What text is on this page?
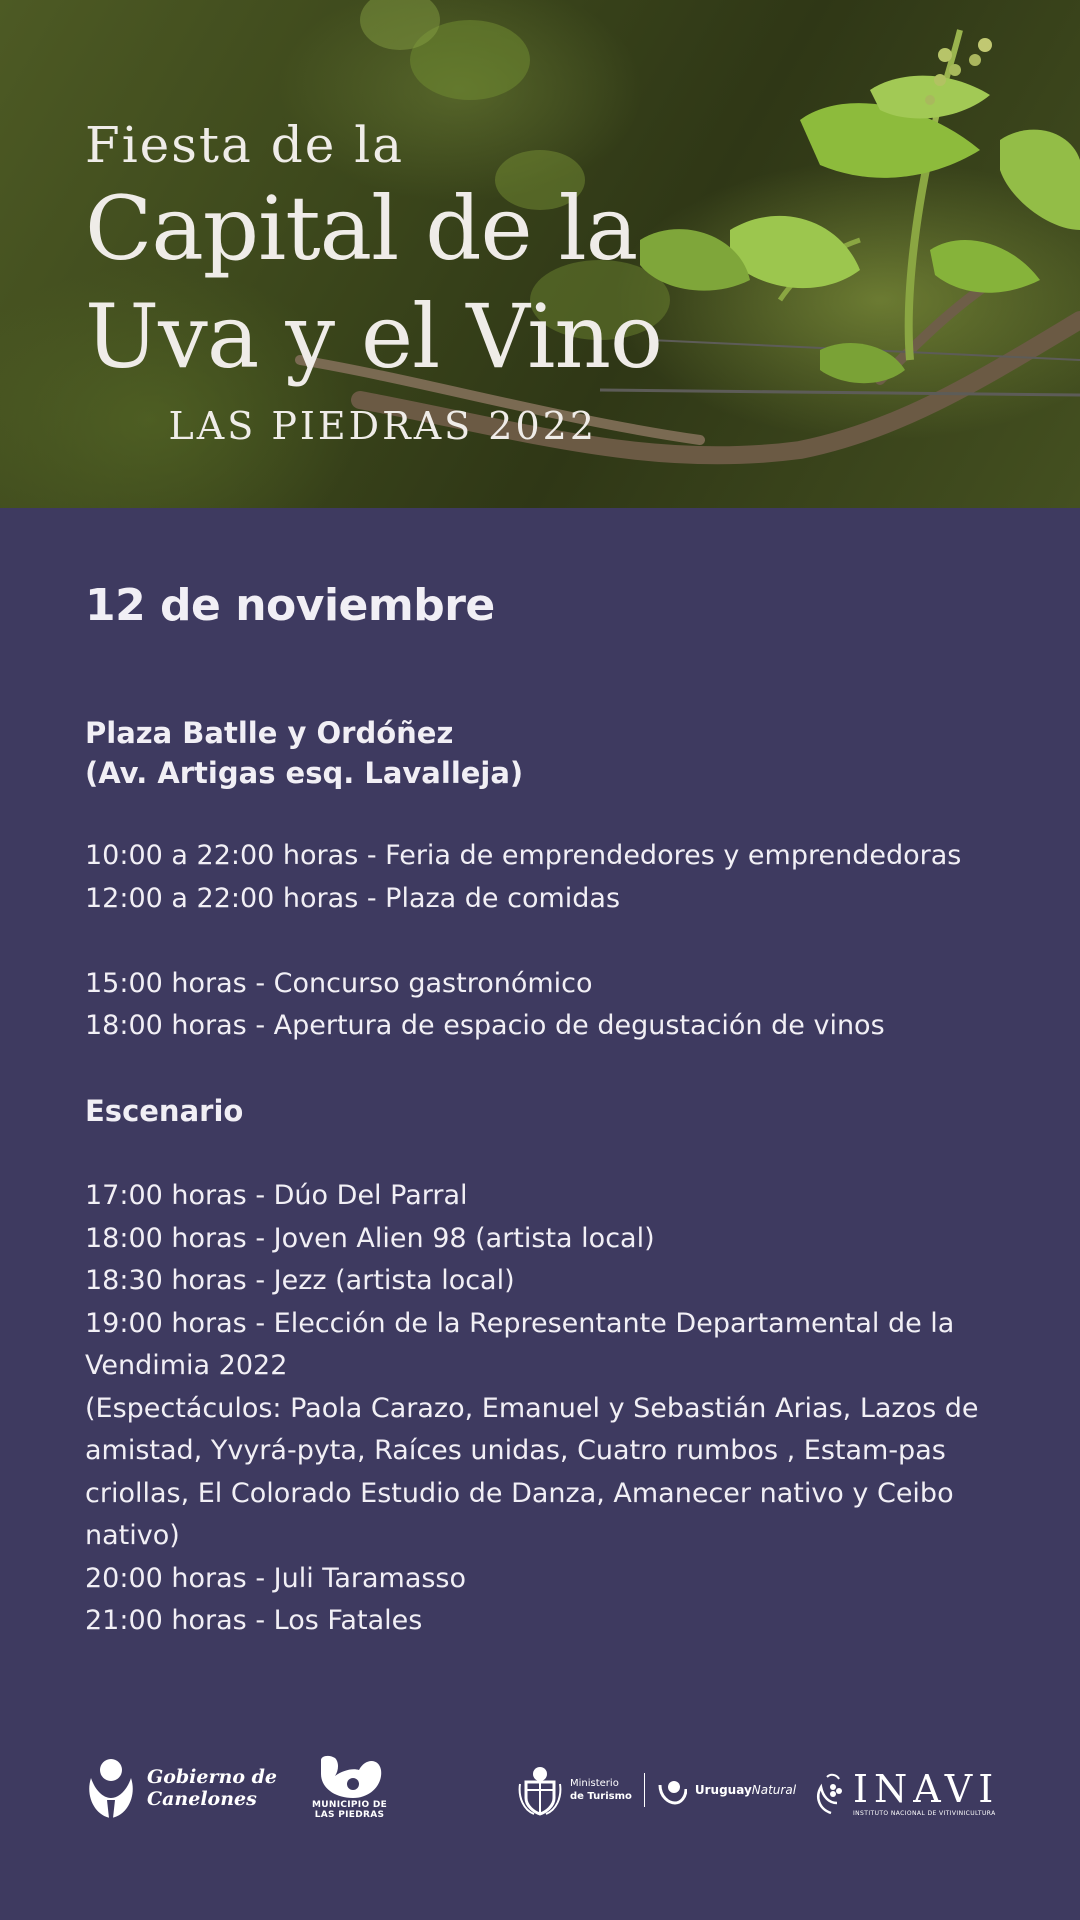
Fiesta de la
Capital de la
Uva y el Vino
LAS PIEDRAS 2022
12 de noviembre
Plaza Batlle y Ordóñez
(Av. Artigas esq. Lavalleja)
10:00 a 22:00 horas - Feria de emprendedores y emprendedoras
12:00 a 22:00 horas - Plaza de comidas
15:00 horas - Concurso gastronómico
18:00 horas - Apertura de espacio de degustación de vinos
Escenario
17:00 horas - Dúo Del Parral
18:00 horas - Joven Alien 98 (artista local)
18:30 horas - Jezz (artista local)
19:00 horas - Elección de la Representante Departamental de la Vendimia 2022
(Espectáculos: Paola Carazo, Emanuel y Sebastián Arias, Lazos de amistad, Yvyrá-pyta, Raíces unidas, Cuatro rumbos , Estam-pas criollas, El Colorado Estudio de Danza, Amanecer nativo y Ceibo nativo)
20:00 horas - Juli Taramasso
21:00 horas - Los Fatales
Gobierno de
Canelones	MUNICIPIO DE
LAS PIEDRAS
Ministerio
de Turismo	UruguayNatural INAVI
INSTITUTO NACIONAL DE VITIVINICULTURA
